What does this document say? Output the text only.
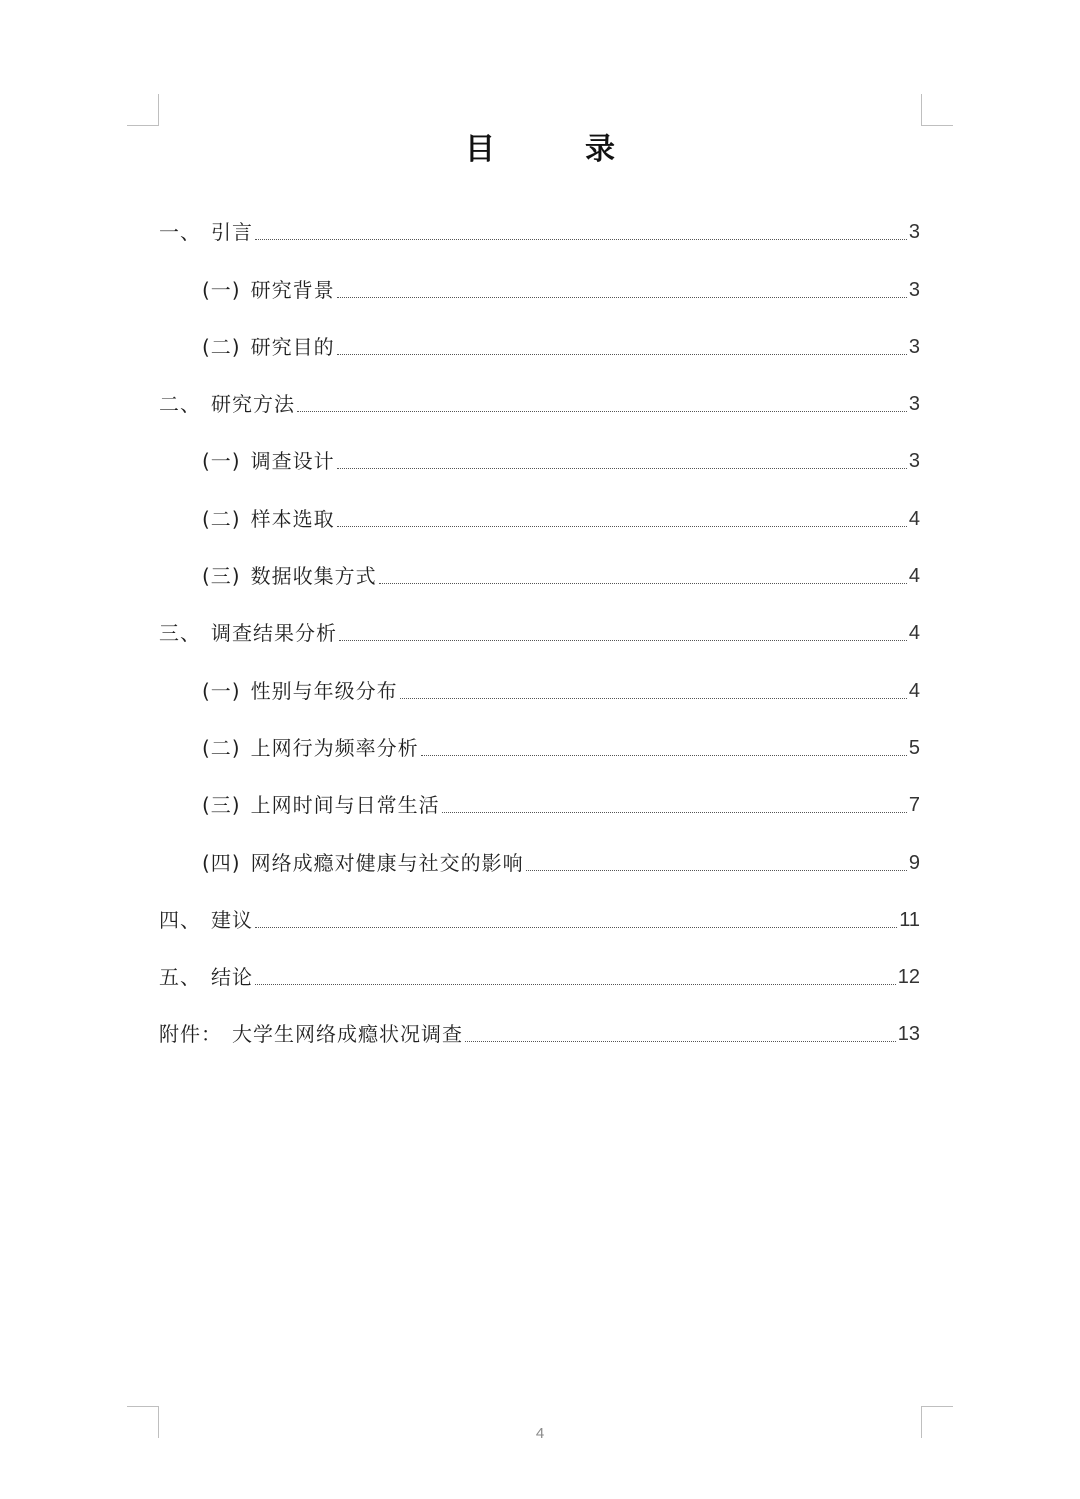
目　录
一、 引言	3
(一) 研究背景	3
(二) 研究目的	3
二、 研究方法	3
(一) 调查设计	3
(二) 样本选取	4
(三) 数据收集方式	4
三、 调查结果分析	4
(一) 性别与年级分布	4
(二) 上网行为频率分析	5
(三) 上网时间与日常生活	7
(四) 网络成瘾对健康与社交的影响	9
四、 建议	11
五、 结论	12
附件： 大学生网络成瘾状况调查	13
4
